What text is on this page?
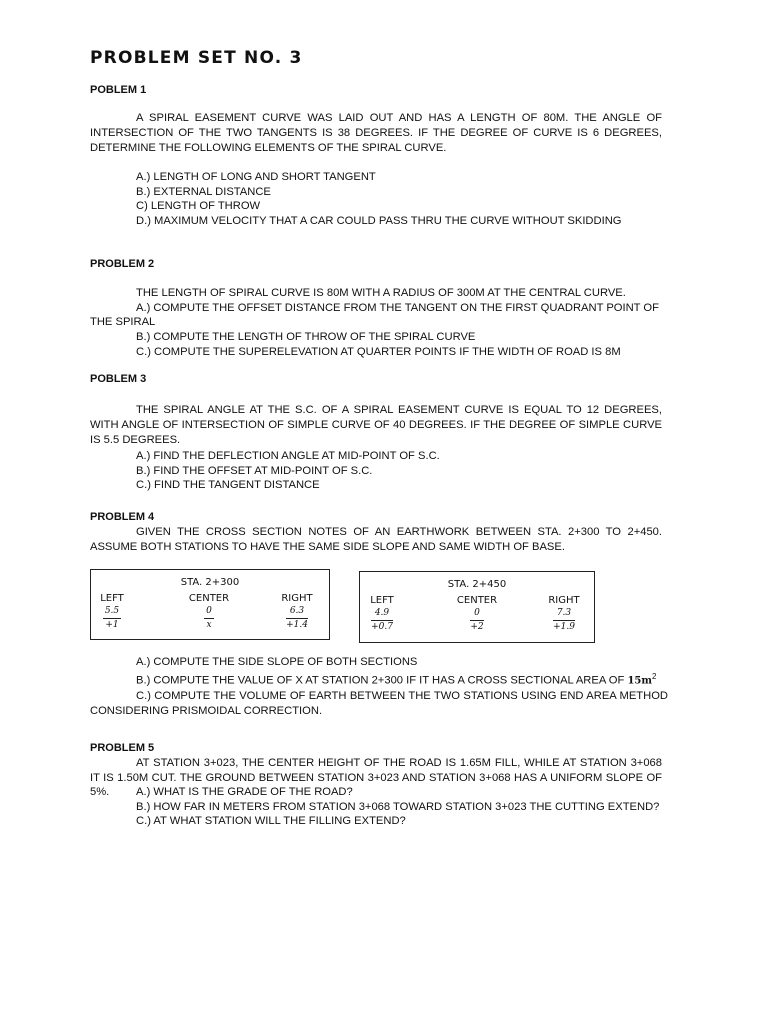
PROBLEM SET NO. 3

POBLEM 1

A SPIRAL EASEMENT CURVE WAS LAID OUT AND HAS A LENGTH OF 80M. THE ANGLE OF INTERSECTION OF THE TWO TANGENTS IS 38 DEGREES. IF THE DEGREE OF CURVE IS 6 DEGREES, DETERMINE THE FOLLOWING ELEMENTS OF THE SPIRAL CURVE.

A.) LENGTH OF LONG AND SHORT TANGENT
B.) EXTERNAL DISTANCE
C) LENGTH OF THROW
D.) MAXIMUM VELOCITY THAT A CAR COULD PASS THRU THE CURVE WITHOUT SKIDDING

PROBLEM 2

THE LENGTH OF SPIRAL CURVE IS 80M WITH A RADIUS OF 300M AT THE CENTRAL CURVE.
A.) COMPUTE THE OFFSET DISTANCE FROM THE TANGENT ON THE FIRST QUADRANT POINT OF THE SPIRAL
B.) COMPUTE THE LENGTH OF THROW OF THE SPIRAL CURVE
C.) COMPUTE THE SUPERELEVATION AT QUARTER POINTS IF THE WIDTH OF ROAD IS 8M

POBLEM 3

THE SPIRAL ANGLE AT THE S.C. OF A SPIRAL EASEMENT CURVE IS EQUAL TO 12 DEGREES, WITH ANGLE OF INTERSECTION OF SIMPLE CURVE OF 40 DEGREES. IF THE DEGREE OF SIMPLE CURVE IS 5.5 DEGREES.

A.) FIND THE DEFLECTION ANGLE AT MID-POINT OF S.C.
B.) FIND THE OFFSET AT MID-POINT OF S.C.
C.) FIND THE TANGENT DISTANCE

PROBLEM 4

GIVEN THE CROSS SECTION NOTES OF AN EARTHWORK BETWEEN STA. 2+300 TO 2+450. ASSUME BOTH STATIONS TO HAVE THE SAME SIDE SLOPE AND SAME WIDTH OF BASE.

STA. 2+300
LEFT
$\frac{5.5}{+1}$
CENTER
$\frac{0}{x}$
RIGHT
$\frac{6.3}{+1.4}$
STA. 2+450
LEFT
$\frac{4.9}{+0.7}$
CENTER
$\frac{0}{+2}$
RIGHT
$\frac{7.3}{+1.9}$
A.) COMPUTE THE SIDE SLOPE OF BOTH SECTIONS
B.) COMPUTE THE VALUE OF X AT STATION 2+300 IF IT HAS A CROSS SECTIONAL AREA OF $15m^2$
C.) COMPUTE THE VOLUME OF EARTH BETWEEN THE TWO STATIONS USING END AREA METHOD CONSIDERING PRISMOIDAL CORRECTION.

PROBLEM 5

AT STATION 3+023, THE CENTER HEIGHT OF THE ROAD IS 1.65M FILL, WHILE AT STATION 3+068 IT IS 1.50M CUT. THE GROUND BETWEEN STATION 3+023 AND STATION 3+068 HAS A UNIFORM SLOPE OF 5%.	A.) WHAT IS THE GRADE OF THE ROAD?
B.) HOW FAR IN METERS FROM STATION 3+068 TOWARD STATION 3+023 THE CUTTING EXTEND?
C.) AT WHAT STATION WILL THE FILLING EXTEND?
